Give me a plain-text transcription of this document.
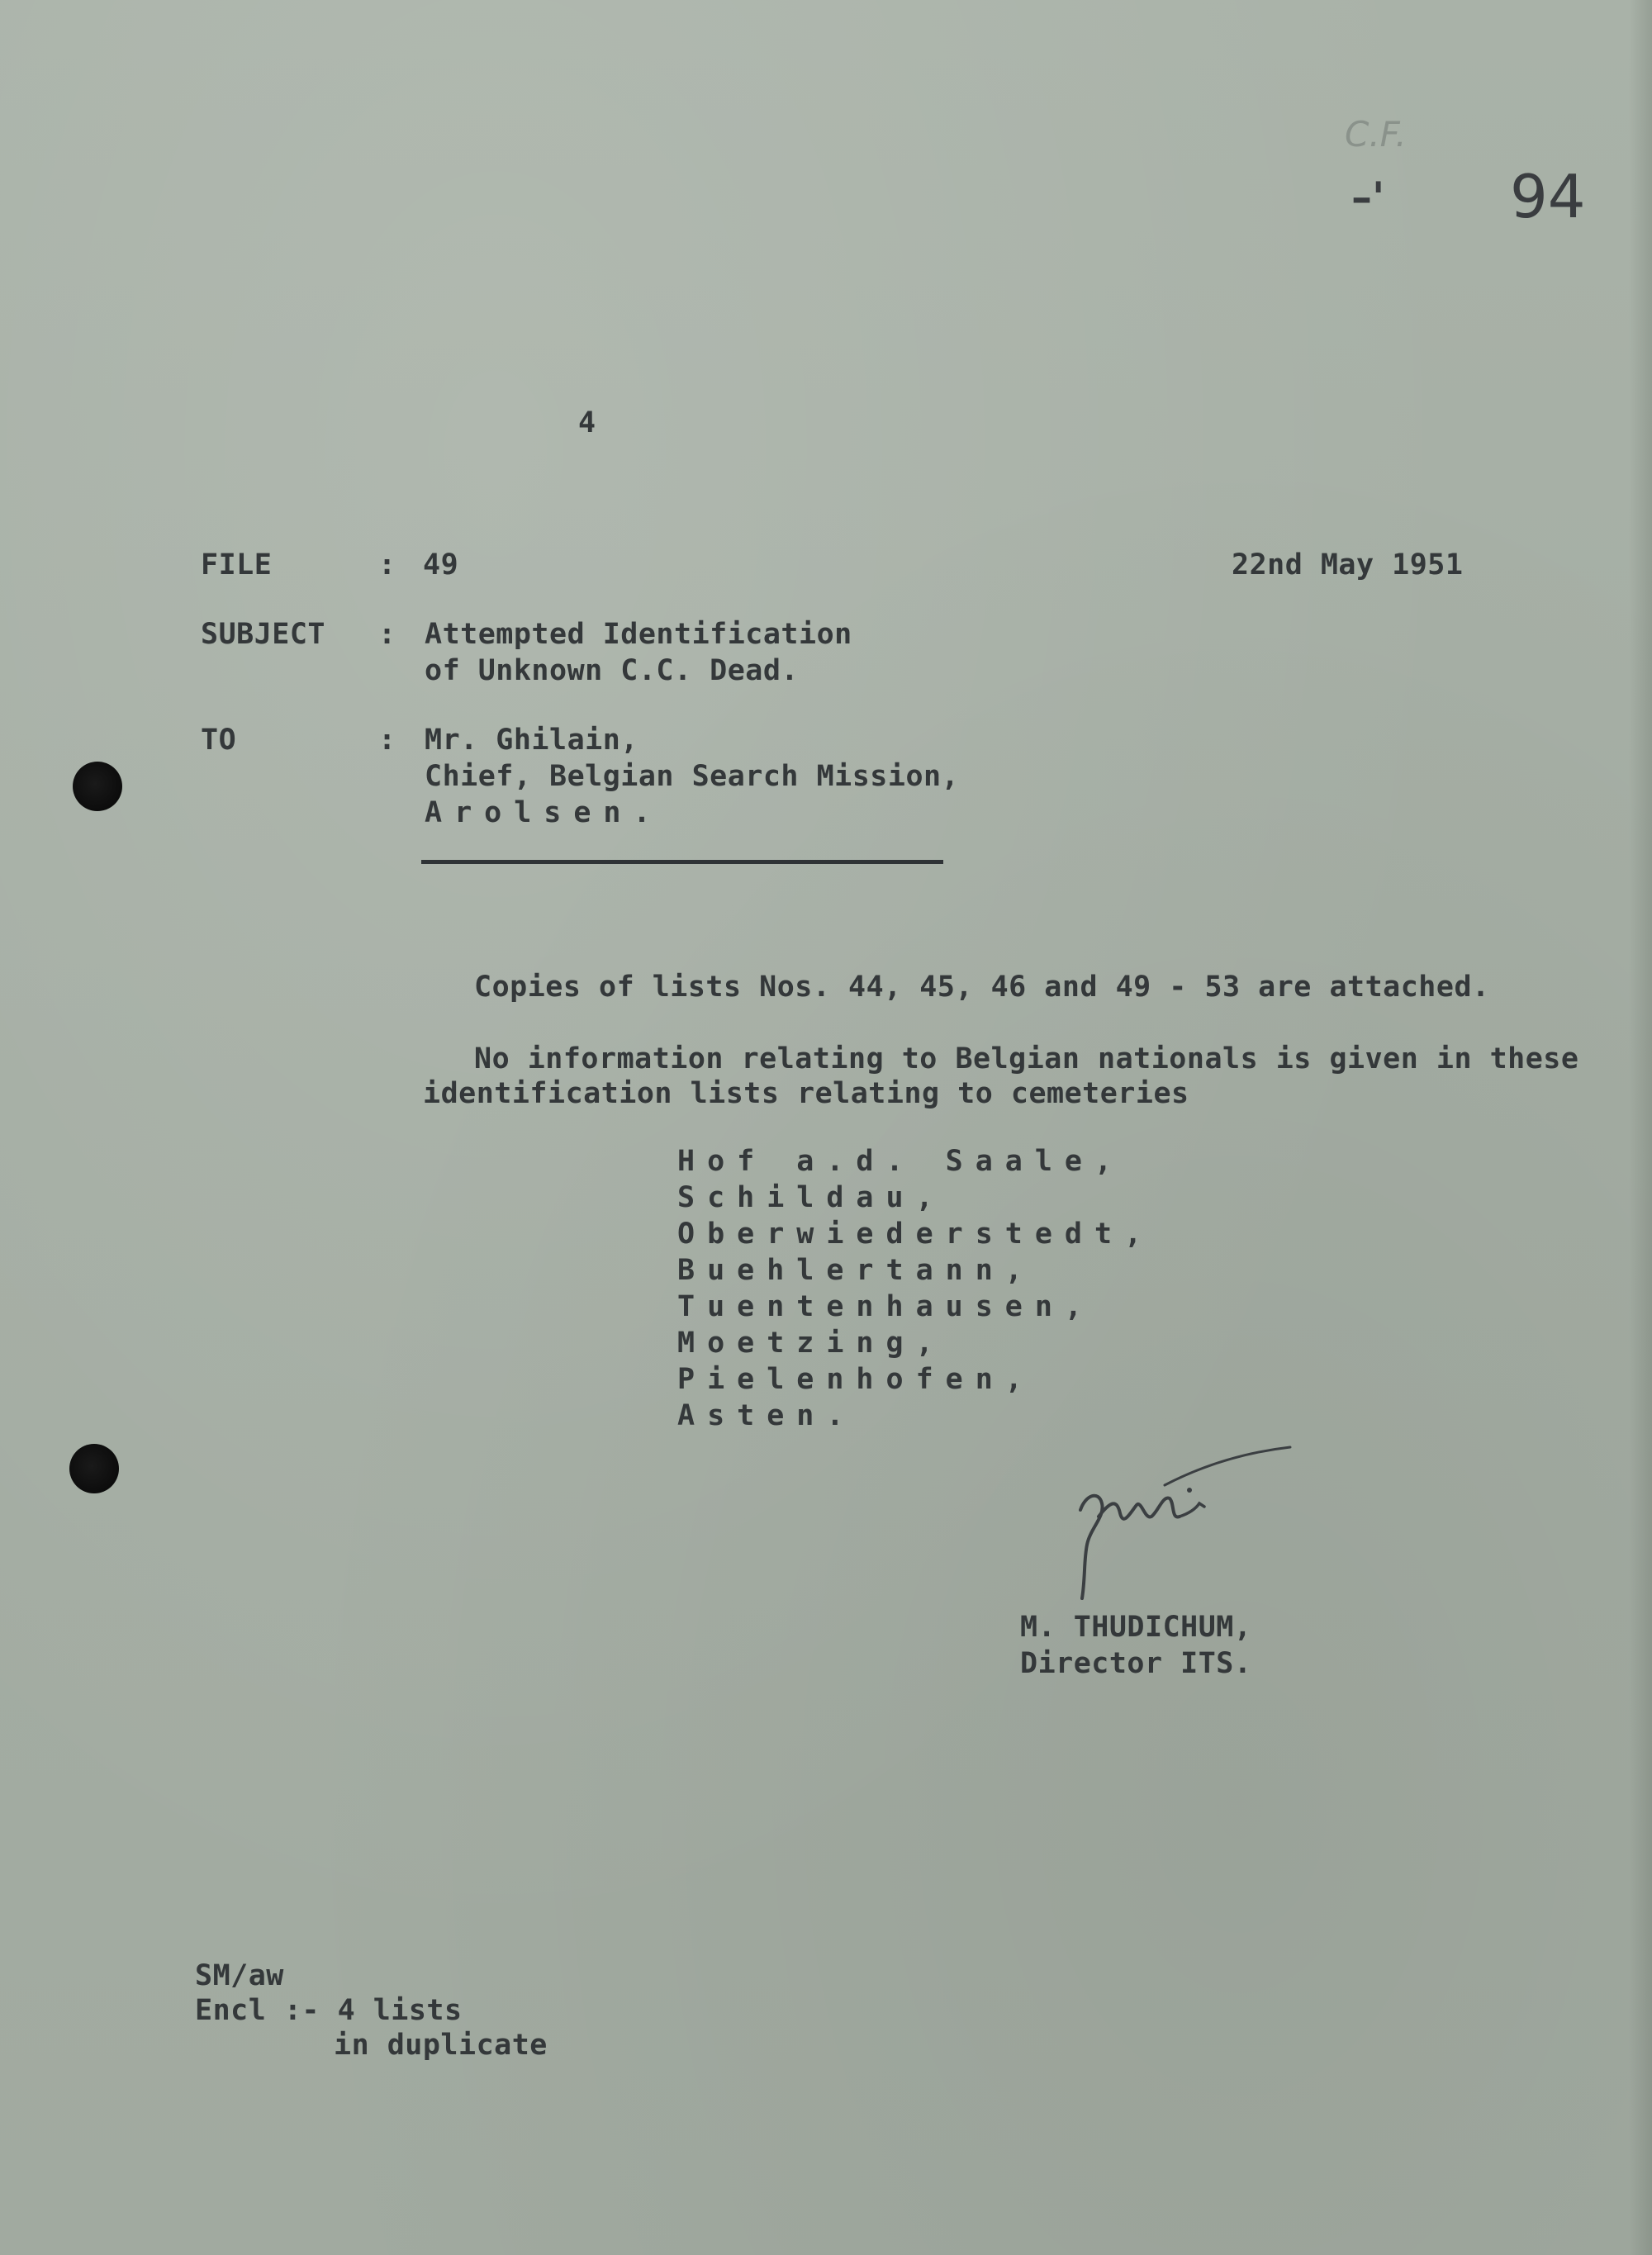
C.F.
–' 94
4
FILE	: 49	22nd May 1951
SUBJECT : Attempted Identification
of Unknown C.C. Dead.
TO	: Mr. Ghilain,
Chief, Belgian Search Mission,
Arolsen.
Copies of lists Nos. 44, 45, 46 and 49 - 53 are attached.
No information relating to Belgian nationals is given in these
identification lists relating to cemeteries
Hof a.d. Saale,
Schildau,
Oberwiederstedt,
Buehlertann,
Tuentenhausen,
Moetzing,
Pielenhofen,
Asten.
M. THUDICHUM,
Director ITS.
SM/aw
Encl :- 4 lists
in duplicate
